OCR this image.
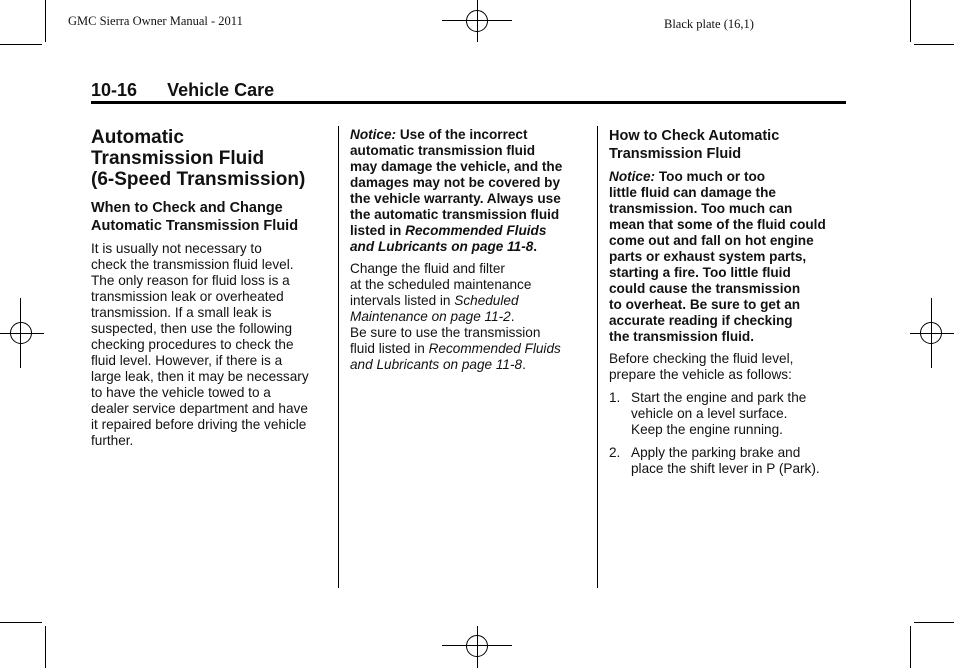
GMC Sierra Owner Manual - 2011	Black plate (16,1)
10-16 Vehicle Care
Automatic
Transmission Fluid
(6-Speed Transmission)
When to Check and Change
Automatic Transmission Fluid

It is usually not necessary to
check the transmission fluid level.
The only reason for fluid loss is a
transmission leak or overheated
transmission. If a small leak is
suspected, then use the following
checking procedures to check the
fluid level. However, if there is a
large leak, then it may be necessary
to have the vehicle towed to a
dealer service department and have
it repaired before driving the vehicle
further.

Notice: Use of the incorrect
automatic transmission fluid
may damage the vehicle, and the
damages may not be covered by
the vehicle warranty. Always use
the automatic transmission fluid
listed in Recommended Fluids
and Lubricants on page 11-8.

Change the fluid and filter
at the scheduled maintenance
intervals listed in Scheduled
Maintenance on page 11-2.
Be sure to use the transmission
fluid listed in Recommended Fluids
and Lubricants on page 11-8.

How to Check Automatic
Transmission Fluid

Notice: Too much or too
little fluid can damage the
transmission. Too much can
mean that some of the fluid could
come out and fall on hot engine
parts or exhaust system parts,
starting a fire. Too little fluid
could cause the transmission
to overheat. Be sure to get an
accurate reading if checking
the transmission fluid.

Before checking the fluid level,
prepare the vehicle as follows:

1. Start the engine and park the
vehicle on a level surface.
Keep the engine running.
2. Apply the parking brake and
place the shift lever in P (Park).
